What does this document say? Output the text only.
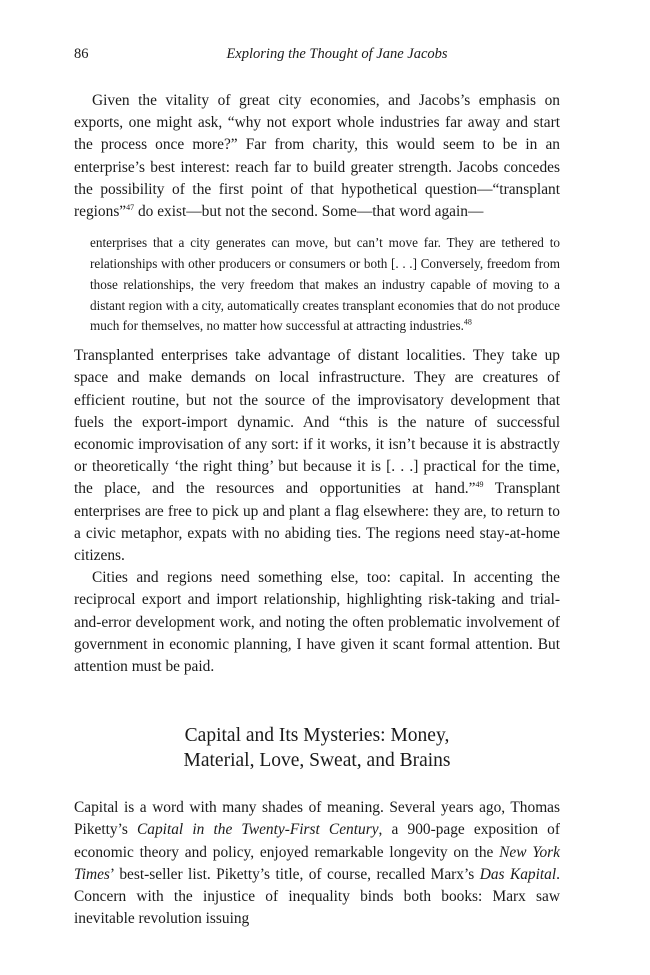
86	Exploring the Thought of Jane Jacobs

Given the vitality of great city economies, and Jacobs’s emphasis on exports, one might ask, “why not export whole industries far away and start the process once more?” Far from charity, this would seem to be in an enterprise’s best interest: reach far to build greater strength. Jacobs concedes the possibility of the first point of that hypothetical question—“transplant regions”$^{47}$ do exist—but not the second. Some—that word again—

enterprises that a city generates can move, but can’t move far. They are tethered to relationships with other producers or consumers or both [. . .] Conversely, freedom from those relationships, the very freedom that makes an industry capable of moving to a distant region with a city, automatically creates transplant economies that do not produce much for themselves, no matter how successful at attracting industries.$^{48}$

Transplanted enterprises take advantage of distant localities. They take up space and make demands on local infrastructure. They are creatures of efficient routine, but not the source of the improvisatory development that fuels the export-import dynamic. And “this is the nature of successful economic improvisation of any sort: if it works, it isn’t because it is abstractly or theoretically ‘the right thing’ but because it is [. . .] practical for the time, the place, and the resources and opportunities at hand.”$^{49}$ Transplant enterprises are free to pick up and plant a flag elsewhere: they are, to return to a civic metaphor, expats with no abiding ties. The regions need stay-at-home citizens.

Cities and regions need something else, too: capital. In accenting the reciprocal export and import relationship, highlighting risk-taking and trial-and-error development work, and noting the often problematic involvement of government in economic planning, I have given it scant formal attention. But attention must be paid.

Capital and Its Mysteries: Money,
Material, Love, Sweat, and Brains

Capital is a word with many shades of meaning. Several years ago, Thomas Piketty’s Capital in the Twenty-First Century, a 900-page exposition of economic theory and policy, enjoyed remarkable longevity on the New York Times’ best-seller list. Piketty’s title, of course, recalled Marx’s Das Kapital. Concern with the injustice of inequality binds both books: Marx saw inevitable revolution issuing
